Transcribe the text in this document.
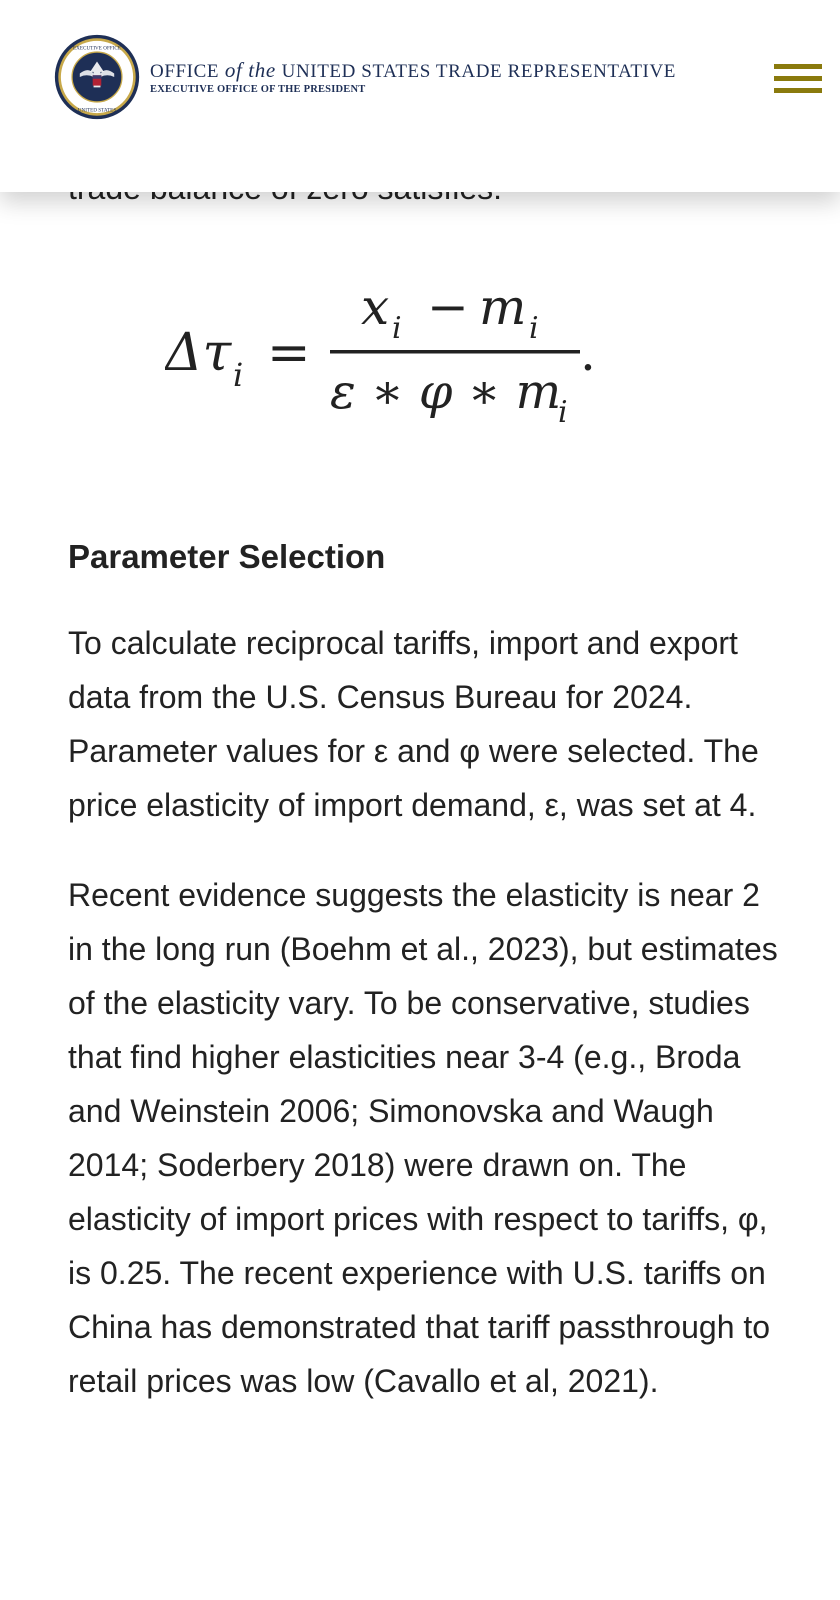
EXECUTIVE OFFICE
UNITED STATES
OFFICE of the UNITED STATES TRADE REPRESENTATIVE
EXECUTIVE OFFICE OF THE PRESIDENT
Δτ i =
x i − m i
ε ∗ φ ∗ m
i
.
Parameter Selection

To calculate reciprocal tariffs, import and export data from the U.S. Census Bureau for 2024. Parameter values for ε and φ were selected. The price elasticity of import demand, ε, was set at 4.

Recent evidence suggests the elasticity is near 2 in the long run (Boehm et al., 2023), but estimates of the elasticity vary. To be conservative, studies that find higher elasticities near 3-4 (e.g., Broda and Weinstein 2006; Simonovska and Waugh 2014; Soderbery 2018) were drawn on. The elasticity of import prices with respect to tariffs, φ, is 0.25. The recent experience with U.S. tariffs on China has demonstrated that tariff passthrough to retail prices was low (Cavallo et al, 2021).
